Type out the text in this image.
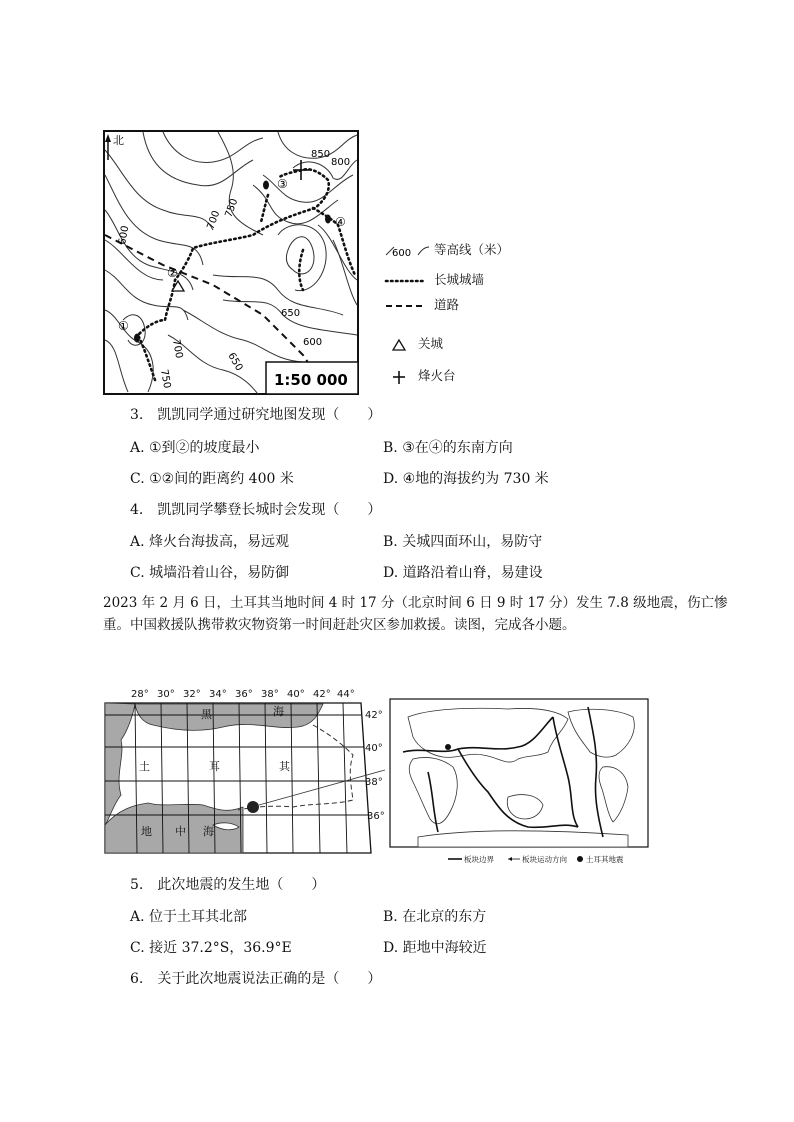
北
850
800
750
700
600
650
600
700
750
650
②
③
④
①
1:50 000
600 等高线（米）
长城城墙
道路
关城
烽火台
3.　凯凯同学通过研究地图发现（　　）
A. ①到②的坡度最小	B. ③在④的东南方向
C. ①②间的距离约 400 米	D. ④地的海拔约为 730 米
4.　凯凯同学攀登长城时会发现（　　）
A. 烽火台海拔高，易远观	B. 关城四面环山，易防守
C. 城墙沿着山谷，易防御	D. 道路沿着山脊，易建设
2023 年 2 月 6 日，土耳其当地时间 4 时 17 分（北京时间 6 日 9 时 17 分）发生 7.8 级地震，伤亡惨
重。中国救援队携带救灾物资第一时间赶赴灾区参加救援。读图，完成各小题。
28° 30° 32° 34° 36° 38° 40° 42° 44°
42°
40°
38°
36°
黑	海
土	耳	其
地 中 海
板块边界	板块运动方向	土耳其地震
5.　此次地震的发生地（　　）
A. 位于土耳其北部	B. 在北京的东方
C. 接近 37.2°S，36.9°E	D. 距地中海较近
6.　关于此次地震说法正确的是（　　）
